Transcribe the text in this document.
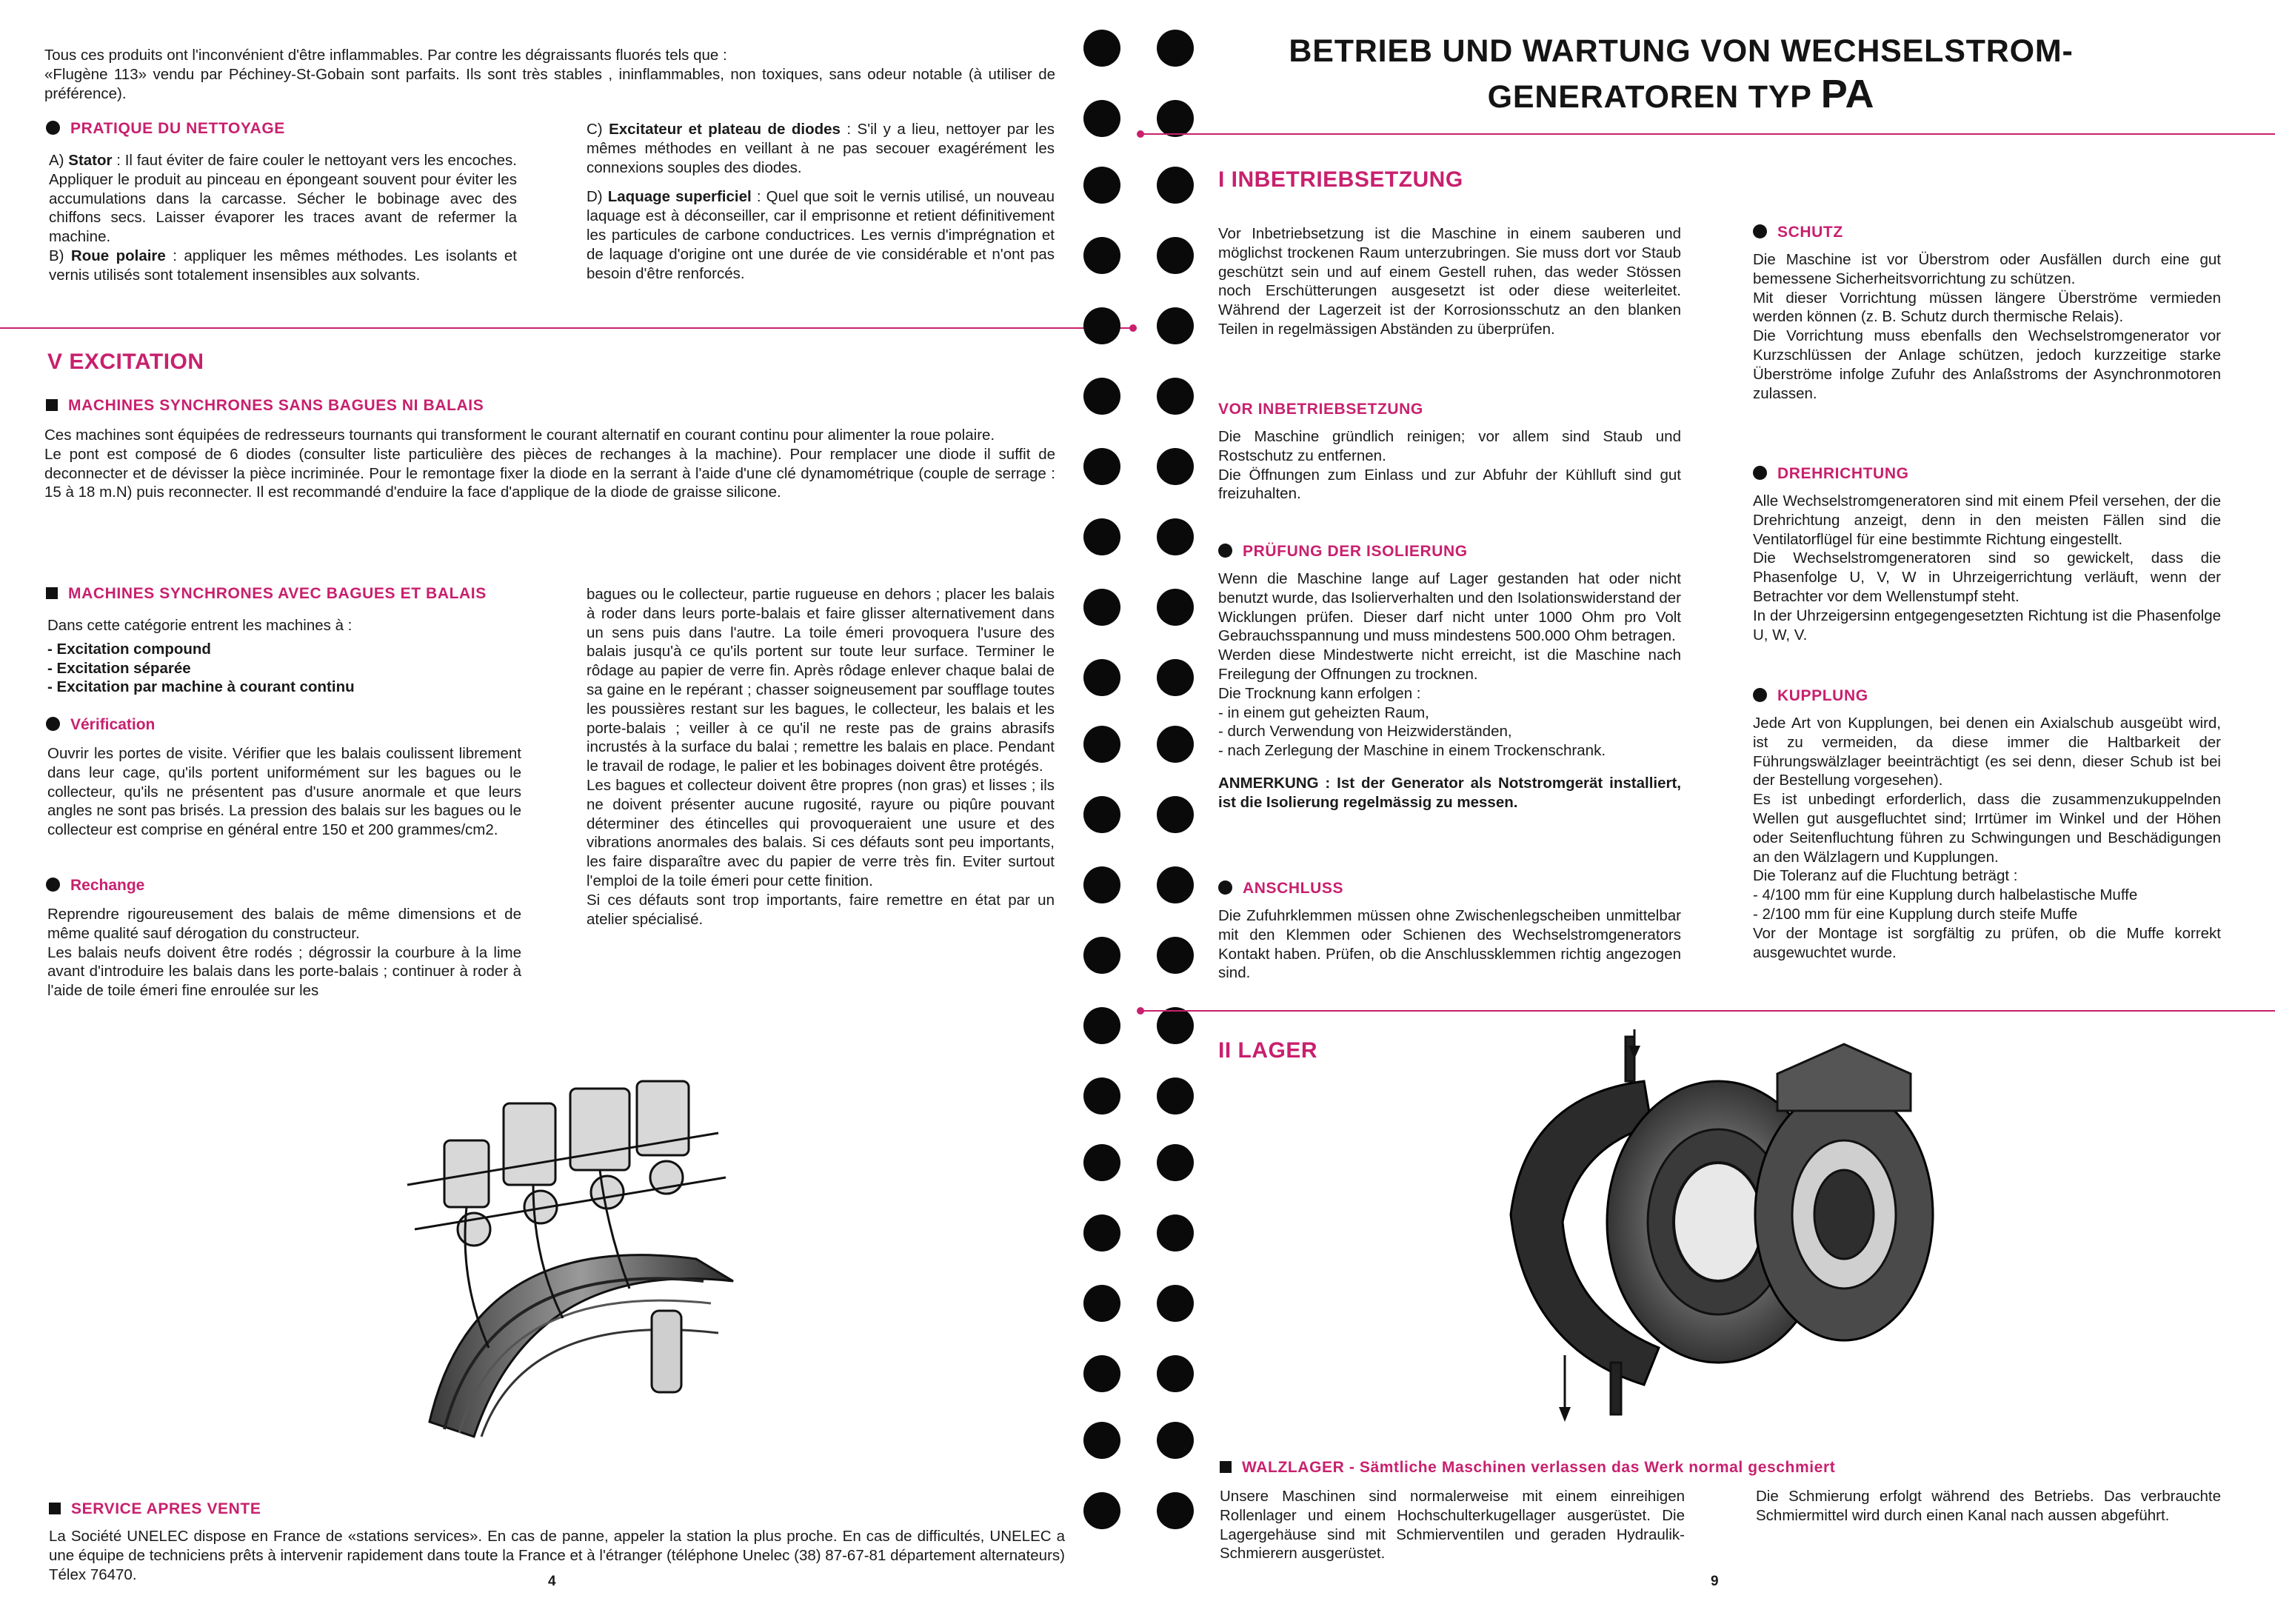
Tous ces produits ont l'inconvénient d'être inflammables. Par contre les dégraissants fluorés tels que :

«Flugène 113» vendu par Péchiney-St-Gobain sont parfaits. Ils sont très stables , ininflammables, non toxiques, sans odeur notable (à utiliser de préférence).

PRATIQUE DU NETTOYAGE

A) Stator : Il faut éviter de faire couler le nettoyant vers les encoches. Appliquer le produit au pinceau en épongeant souvent pour éviter les accumulations dans la carcasse. Sécher le bobinage avec des chiffons secs. Laisser évaporer les traces avant de refermer la machine.

B) Roue polaire : appliquer les mêmes méthodes. Les isolants et vernis utilisés sont totalement insensibles aux solvants.

C) Excitateur et plateau de diodes : S'il y a lieu, nettoyer par les mêmes méthodes en veillant à ne pas secouer exagérément les connexions souples des diodes.

D) Laquage superficiel : Quel que soit le vernis utilisé, un nouveau laquage est à déconseiller, car il emprisonne et retient définitivement les particules de carbone conductrices. Les vernis d'imprégnation et de laquage d'origine ont une durée de vie considérable et n'ont pas besoin d'être renforcés.

V EXCITATION
MACHINES SYNCHRONES SANS BAGUES NI BALAIS

Ces machines sont équipées de redresseurs tournants qui transforment le courant alternatif en courant continu pour alimenter la roue polaire.

Le pont est composé de 6 diodes (consulter liste particulière des pièces de rechanges à la machine). Pour remplacer une diode il suffit de deconnecter et de dévisser la pièce incriminée. Pour le remontage fixer la diode en la serrant à l'aide d'une clé dynamométrique (couple de serrage : 15 à 18 m.N) puis reconnecter. Il est recommandé d'enduire la face d'applique de la diode de graisse silicone.

MACHINES SYNCHRONES AVEC BAGUES ET BALAIS

Dans cette catégorie entrent les machines à :

- Excitation compound
- Excitation séparée
- Excitation par machine à courant continu
Vérification

Ouvrir les portes de visite. Vérifier que les balais coulissent librement dans leur cage, qu'ils portent uniformément sur les bagues ou le collecteur, qu'ils ne présentent pas d'usure anormale et que leurs angles ne sont pas brisés. La pression des balais sur les bagues ou le collecteur est comprise en général entre 150 et 200 grammes/cm2.

Rechange

Reprendre rigoureusement des balais de même dimensions et de même qualité sauf dérogation du constructeur.

Les balais neufs doivent être rodés ; dégrossir la courbure à la lime avant d'introduire les balais dans les porte-balais ; continuer à roder à l'aide de toile émeri fine enroulée sur les

bagues ou le collecteur, partie rugueuse en dehors ; placer les balais à roder dans leurs porte-balais et faire glisser alternativement dans un sens puis dans l'autre. La toile émeri provoquera l'usure des balais jusqu'à ce qu'ils portent sur toute leur surface. Terminer le rôdage au papier de verre fin. Après rôdage enlever chaque balai de sa gaine en le repérant ; chasser soigneusement par soufflage toutes les poussières restant sur les bagues, le collecteur, les balais et les porte-balais ; veiller à ce qu'il ne reste pas de grains abrasifs incrustés à la surface du balai ; remettre les balais en place. Pendant le travail de rodage, le palier et les bobinages doivent être protégés.

Les bagues et collecteur doivent être propres (non gras) et lisses ; ils ne doivent présenter aucune rugosité, rayure ou piqûre pouvant déterminer des étincelles qui provoqueraient une usure et des vibrations anormales des balais. Si ces défauts sont peu importants, les faire disparaître avec du papier de verre très fin. Eviter surtout l'emploi de la toile émeri pour cette finition.

Si ces défauts sont trop importants, faire remettre en état par un atelier spécialisé.

SERVICE APRES VENTE

La Société UNELEC dispose en France de «stations services». En cas de panne, appeler la station la plus proche. En cas de difficultés, UNELEC a une équipe de techniciens prêts à intervenir rapidement dans toute la France et à l'étranger (téléphone Unelec (38) 87-67-81 département alternateurs) Télex 76470.	4
BETRIEB UND WARTUNG VON WECHSELSTROM-
GENERATOREN TYP PA
I INBETRIEBSETZUNG

Vor Inbetriebsetzung ist die Maschine in einem sauberen und möglichst trockenen Raum unterzubringen. Sie muss dort vor Staub geschützt sein und auf einem Gestell ruhen, das weder Stössen noch Erschütterungen ausgesetzt ist oder diese weiterleitet. Während der Lagerzeit ist der Korrosionsschutz an den blanken Teilen in regelmässigen Abständen zu überprüfen.

VOR INBETRIEBSETZUNG

Die Maschine gründlich reinigen; vor allem sind Staub und Rostschutz zu entfernen.

Die Öffnungen zum Einlass und zur Abfuhr der Kühlluft sind gut freizuhalten.

PRÜFUNG DER ISOLIERUNG

Wenn die Maschine lange auf Lager gestanden hat oder nicht benutzt wurde, das Isolierverhalten und den Isolationswiderstand der Wicklungen prüfen. Dieser darf nicht unter 1000 Ohm pro Volt Gebrauchsspannung und muss mindestens 500.000 Ohm betragen.

Werden diese Mindestwerte nicht erreicht, ist die Maschine nach Freilegung der Offnungen zu trocknen.

Die Trocknung kann erfolgen :

- in einem gut geheizten Raum,
- durch Verwendung von Heizwiderständen,
- nach Zerlegung der Maschine in einem Trockenschrank.

ANMERKUNG : Ist der Generator als Notstromgerät installiert, ist die Isolierung regelmässig zu messen.

ANSCHLUSS

Die Zufuhrklemmen müssen ohne Zwischenlegscheiben unmittelbar mit den Klemmen oder Schienen des Wechselstromgenerators Kontakt haben. Prüfen, ob die Anschlussklemmen richtig angezogen sind.

SCHUTZ

Die Maschine ist vor Überstrom oder Ausfällen durch eine gut bemessene Sicherheitsvorrichtung zu schützen.

Mit dieser Vorrichtung müssen längere Überströme vermieden werden können (z. B. Schutz durch thermische Relais).

Die Vorrichtung muss ebenfalls den Wechselstromgenerator vor Kurzschlüssen der Anlage schützen, jedoch kurzzeitige starke Überströme infolge Zufuhr des Anlaßstroms der Asynchronmotoren zulassen.

DREHRICHTUNG

Alle Wechselstromgeneratoren sind mit einem Pfeil versehen, der die Drehrichtung anzeigt, denn in den meisten Fällen sind die Ventilatorflügel für eine bestimmte Richtung eingestellt.

Die Wechselstromgeneratoren sind so gewickelt, dass die Phasenfolge U, V, W in Uhrzeigerrichtung verläuft, wenn der Betrachter vor dem Wellenstumpf steht.

In der Uhrzeigersinn entgegengesetzten Richtung ist die Phasenfolge U, W, V.

KUPPLUNG

Jede Art von Kupplungen, bei denen ein Axialschub ausgeübt wird, ist zu vermeiden, da diese immer die Haltbarkeit der Führungswälzlager beeinträchtigt (es sei denn, dieser Schub ist bei der Bestellung vorgesehen).

Es ist unbedingt erforderlich, dass die zusammenzukuppelnden Wellen gut ausgefluchtet sind; Irrtümer im Winkel und der Höhen oder Seitenfluchtung führen zu Schwingungen und Beschädigungen an den Wälzlagern und Kupplungen.

Die Toleranz auf die Fluchtung beträgt :

- 4/100 mm für eine Kupplung durch halbelastische Muffe
- 2/100 mm für eine Kupplung durch steife Muffe

Vor der Montage ist sorgfältig zu prüfen, ob die Muffe korrekt ausgewuchtet wurde.

II LAGER
WALZLAGER - Sämtliche Maschinen verlassen das Werk normal geschmiert

Unsere Maschinen sind normalerweise mit einem einreihigen Rollenlager und einem Hochschulterkugellager ausgerüstet. Die Lagergehäuse sind mit Schmierventilen und geraden Hydraulik-Schmierern ausgerüstet.

Die Schmierung erfolgt während des Betriebs. Das verbrauchte Schmiermittel wird durch einen Kanal nach aussen abgeführt.

9
